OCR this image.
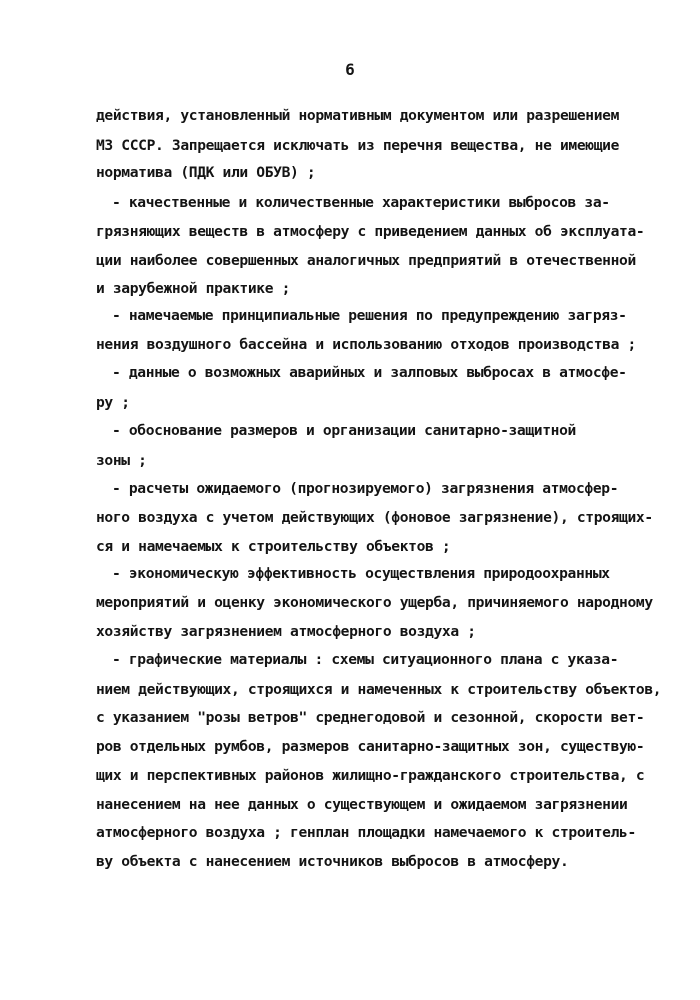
6
действия, установленный нормативным документом или разрешением
МЗ СССР. Запрещается исключать из перечня вещества, не имеющие
норматива (ПДК или ОБУВ) ;
- качественные и количественные характеристики выбросов за-
грязняющих веществ в атмосферу с приведением данных об эксплуата-
ции наиболее совершенных аналогичных предприятий в отечественной
и зарубежной практике ;
- намечаемые принципиальные решения по предупреждению загряз-
нения воздушного бассейна и использованию отходов производства ;
- данные о возможных аварийных и залповых выбросах в атмосфе-
ру ;
- обоснование размеров и организации санитарно-защитной
зоны ;
- расчеты ожидаемого (прогнозируемого) загрязнения атмосфер-
ного воздуха с учетом действующих (фоновое загрязнение), строящих-
ся и намечаемых к строительству объектов ;
- экономическую эффективность осуществления природоохранных
мероприятий и оценку экономического ущерба, причиняемого народному
хозяйству загрязнением атмосферного воздуха ;
- графические материалы : схемы ситуационного плана с указа-
нием действующих, строящихся и намеченных к строительству объектов,
с указанием "розы ветров" среднегодовой и сезонной, скорости вет-
ров отдельных румбов, размеров санитарно-защитных зон, существую-
щих и перспективных районов жилищно-гражданского строительства, с
нанесением на нее данных о существующем и ожидаемом загрязнении
атмосферного воздуха ; генплан площадки намечаемого к строитель-
ву объекта с нанесением источников выбросов в атмосферу.
